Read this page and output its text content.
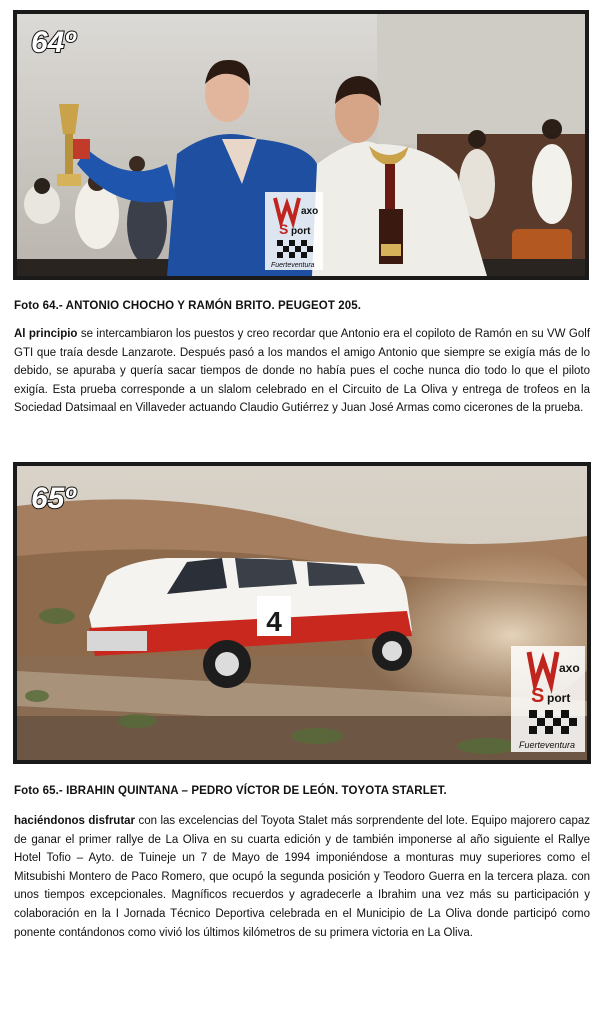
64º
axo
S port
Fuerteventura

Foto 64.- ANTONIO CHOCHO Y RAMÓN BRITO. PEUGEOT 205.

Al principio se intercambiaron los puestos y creo recordar que Antonio era el copiloto de Ramón en su VW Golf GTI que traía desde Lanzarote. Después pasó a los mandos el amigo Antonio que siempre se exigía más de lo debido, se apuraba y quería sacar tiempos de donde no había pues el coche nunca dio todo lo que el piloto exigía. Esta prueba corresponde a un slalom celebrado en el Circuito de La Oliva y entrega de trofeos en la Sociedad Datsimaal en Villaveder actuando Claudio Gutiérrez y Juan José Armas como cicerones de la prueba.

4
65º
axo
S port
Fuerteventura

Foto 65.- IBRAHIN QUINTANA – PEDRO VÍCTOR DE LEÓN. TOYOTA STARLET.

haciéndonos disfrutar con las excelencias del Toyota Stalet más sorprendente del lote. Equipo majorero capaz de ganar el primer rallye de La Oliva en su cuarta edición y de también imponerse al año siguiente el Rallye Hotel Tofio – Ayto. de Tuineje un 7 de Mayo de 1994 imponiéndose a monturas muy superiores como el Mitsubishi Montero de Paco Romero, que ocupó la segunda posición y Teodoro Guerra en la tercera plaza. con unos tiempos excepcionales. Magníficos recuerdos y agradecerle a Ibrahim una vez más su participación y colaboración en la I Jornada Técnico Deportiva celebrada en el Municipio de La Oliva donde participó como ponente contándonos como vivió los últimos kilómetros de su primera victoria en La Oliva.
